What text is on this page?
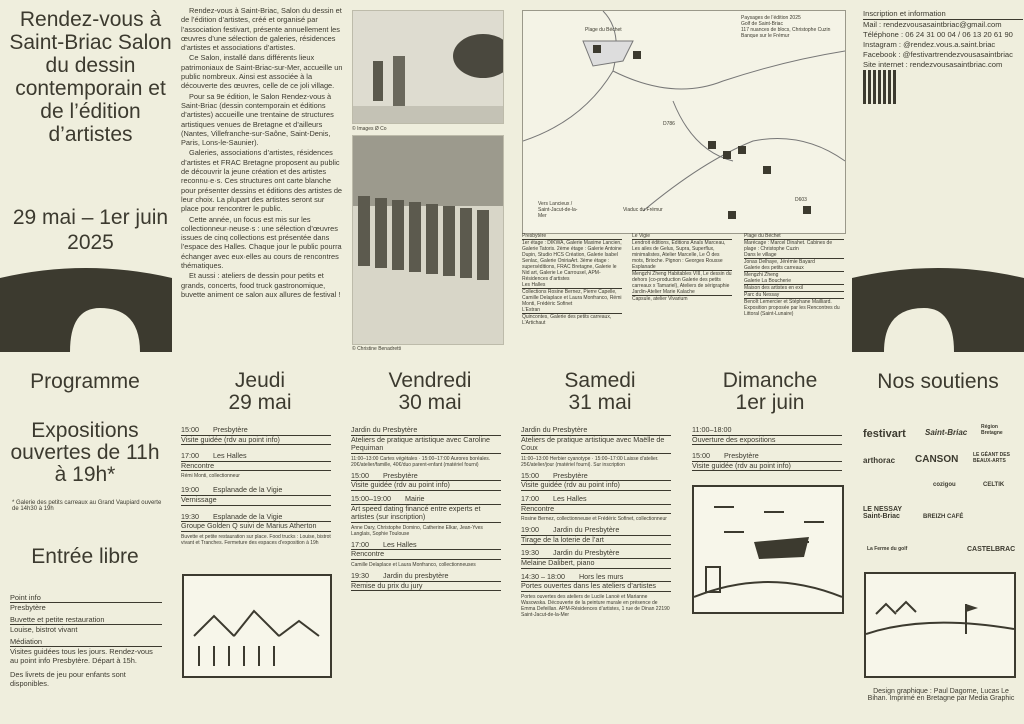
Rendez-vous à Saint-Briac Salon du dessin contemporain et de l’édition d’artistes
29 mai – 1er juin
2025

Rendez-vous à Saint-Briac, Salon du dessin et de l’édition d’artistes, créé et organisé par l’association festivart, présente annuellement les œuvres d’une sélection de galeries, résidences d’artistes et associations d’artistes.

Ce Salon, installé dans différents lieux patrimoniaux de Saint-Briac-sur-Mer, accueille un public nombreux. Ainsi est associée à la découverte des œuvres, celle de ce joli village.

Pour sa 9e édition, le Salon Rendez-vous à Saint-Briac (dessin contemporain et éditions d’artistes) accueille une trentaine de structures artistiques venues de Bretagne et d’ailleurs (Nantes, Villefranche-sur-Saône, Saint-Denis, Paris, Lons-le-Saunier).

Galeries, associations d’artistes, résidences d’artistes et FRAC Bretagne proposent au public de découvrir la jeune création et des artistes reconnu·e·s. Ces structures ont carte blanche pour présenter dessins et éditions des artistes de leur choix. La plupart des artistes seront sur place pour rencontrer le public.

Cette année, un focus est mis sur les collectionneur·neuse·s : une sélection d’œuvres issues de cinq collections est présentée dans l’espace des Halles. Chaque jour le public pourra échanger avec eux·elles au cours de rencontres thématiques.

Et aussi : ateliers de dessin pour petits et grands, concerts, food truck gastronomique, buvette animent ce salon aux allures de festival !

© Images Ø Co
© Christine Benadretti
Paysages de l’édition 2025
Golf de Saint-Briac
117 nuances de blocs, Christophe Cuzin
Banque sur le Frémur
Plage du Béchet
Vers Lancieux / Saint-Jacut-de-la-Mer
Viaduc du Frémur
D603
D786
Presbytère
1er étage : DIKWA, Galerie Maxime Lancien, Galerie Tatoris. 2ème étage : Galerie Antoine Dupin, Studio HCS Création, Galerie Isabel Senlac, Galerie OniriaArt. 3ème étage : superséditions, FRAC Bretagne, Galerie le Nid art, Galerie Le Carrousel, APM-Résidences d’artistes
Les Halles
Collections Rosine Bernez, Pierre Capelle, Camille Delaplace et Laura Monfranco, Rémi Monti, Frédéric Sofinet
L’Estran
Quincontes, Galerie des petits carreaux, L’Artichaut
Le Vigie
Lendroit éditions, Éditions Anaïs Marceau, Les ailes de Gelus, Supra, Superflux, minimalistes, Atelier Marcelle, Le Ô des mots, Brioche. Pignon : Georges Rousse
Esplanade
Mengzhi Zheng Habitables VIII, Le dessin du dehors (co-production Galerie des petits carreaux x Tamariel), Ateliers de sérigraphie
Jardin-Atelier Marie Kalache
Capsule, atelier Vivarium
Plage du Béchet
Marécage : Marcel Dinahet. Cabines de plage : Christophe Cuzin
Dans le village
Jonas Delhaye, Jérémie Bayard
Galerie des petits carreaux
Mengzhi Zheng
Galerie La Boucherie
Maison des artistes en exil
Parc du Nessay
Benoît Lemercier et Stéphane Mailliard. Exposition proposée par les Rencontres du Littoral (Saint-Lunaire)
Inscription et information
Mail : rendezvousasaintbriac@gmail.com
Téléphone : 06 24 31 00 04 / 06 13 20 61 90
Instagram : @rendez.vous.a.saint.briac
Facebook : @festivartrendezvousasaintbriac
Site internet : rendezvousasaintbriac.com
Programme	Jeudi
29 mai
Vendredi
30 mai
Samedi
31 mai
Dimanche
1er juin
Nos soutiens
Expositions ouvertes de 11h à 19h*
* Galerie des petits carreaux au Grand Vaupiard ouverte de 14h30 à 19h
Entrée libre
Point info
Presbytère
Buvette et petite restauration
Louise, bistrot vivant
Médiation
Visites guidées tous les jours. Rendez-vous au point info Presbytère. Départ à 15h.
Des livrets de jeu pour enfants sont disponibles.
15:00 Presbytère
Visite guidée (rdv au point info)
17:00 Les Halles
Rencontre
Rémi Monti, collectionneur
19:00 Esplanade de la Vigie
Vernissage
19:30 Esplanade de la Vigie
Groupe Golden Q suivi de Marius Atherton
Buvette et petite restauration sur place. Food trucks : Louise, bistrot vivant et Tranches. Fermeture des espaces d’exposition à 19h
Jardin du Presbytère
Ateliers de pratique artistique avec Caroline Pequiman
11:00–13:00 Cartes végétales · 15:00–17:00 Aurores boréales. 20€/atelier/famille, 40€/duo parent-enfant (matériel fourni)
15:00 Presbytère
Visite guidée (rdv au point info)
15:00–19:00 Mairie
Art speed dating financé entre experts et artistes (sur inscription)
Anne Dary, Christophe Domino, Catherine Elkar, Jean-Yves Langlais, Sophie Toulouse
17:00 Les Halles
Rencontre
Camille Delaplace et Laura Monfranco, collectionneuses
19:30 Jardin du presbytère
Remise du prix du jury
Jardin du Presbytère
Ateliers de pratique artistique avec Maëlle de Coux
11:00–13:00 Herbier cyanotype · 15:00–17:00 Laisse d’atelier. 25€/atelier/jour (matériel fourni). Sur inscription
15:00 Presbytère
Visite guidée (rdv au point info)
17:00 Les Halles
Rencontre
Rosine Bernez, collectionneuse et Frédéric Sofinet, collectionneur
19:00 Jardin du Presbytère
Tirage de la loterie de l’art
19:30 Jardin du Presbytère
Melaine Dalibert, piano
14:30 – 18:00 Hors les murs
Portes ouvertes dans les ateliers d’artistes
Portes ouvertes des ateliers de Lucile Lanoë et Marianne Wasowska. Découverte de la peinture murale en présence de Emma Defeillan. APM-Résidences d’artistes, 1 rue de Dinan 22190 Saint-Jacut-de-la-Mer
11:00–18:00
Ouverture des expositions
15:00 Presbytère
Visite guidée (rdv au point info)
festivart Saint-Briac
Région Bretagne
arthorac CANSON	LE GÉANT DES BEAUX-ARTS
LE NESSAY Saint-Briac	BREIZH CAFÉ
La Ferme du golf	CASTELBRAC
cozigou	CELTIK
Design graphique : Paul Dagorne, Lucas Le Bihan. Imprimé en Bretagne par Media Graphic
